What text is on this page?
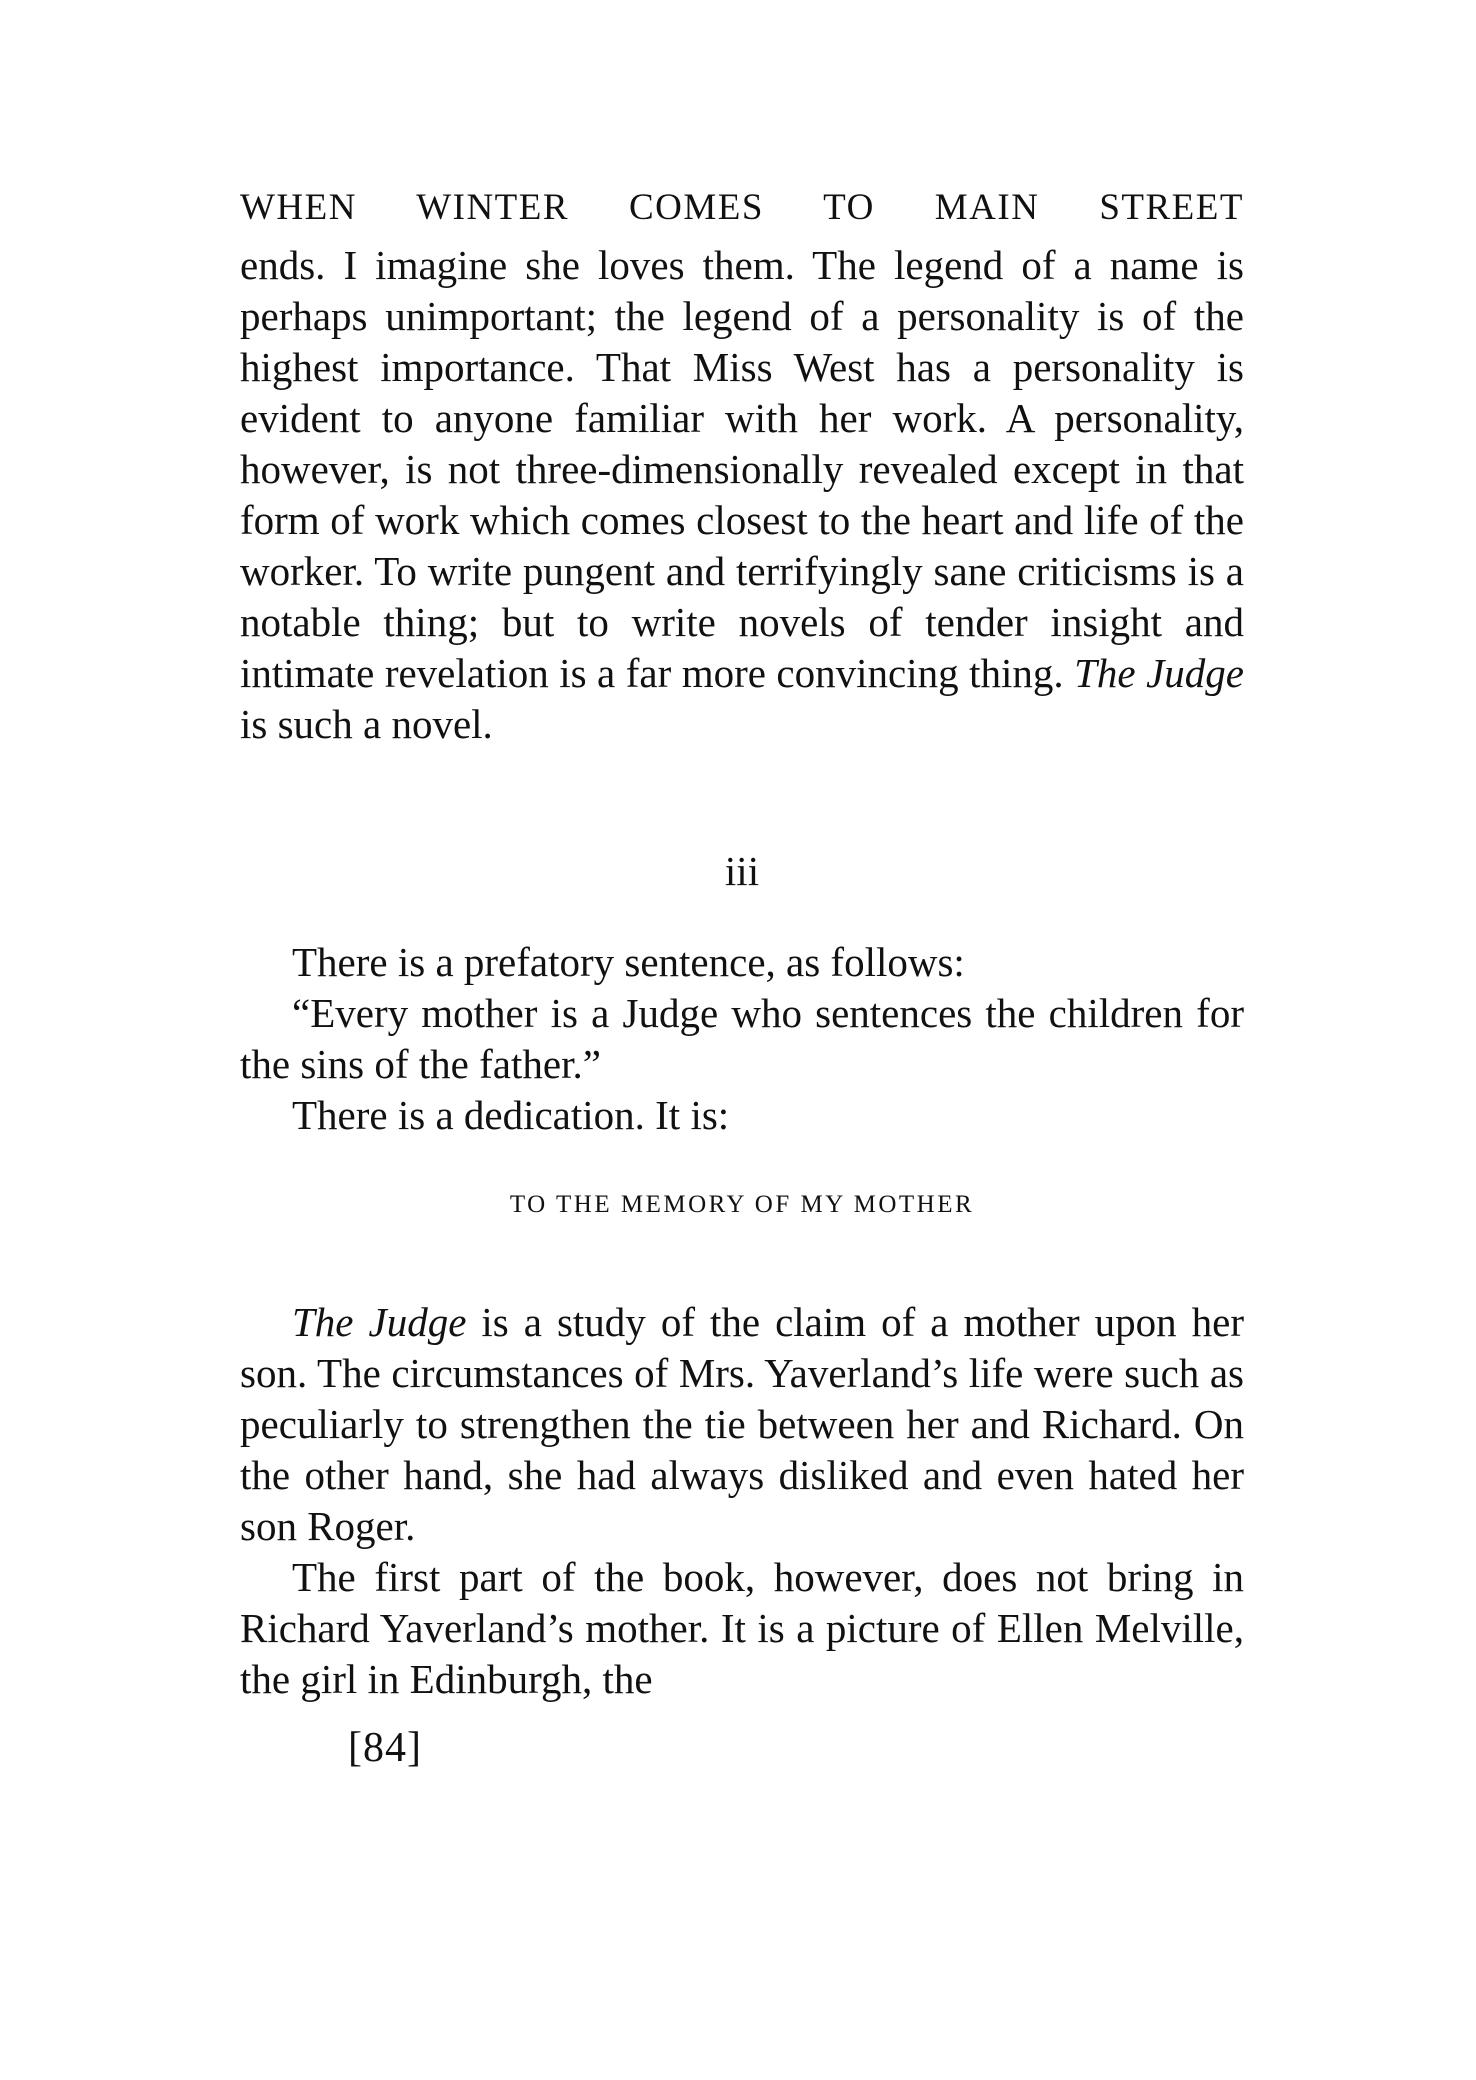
WHEN WINTER COMES TO MAIN STREET

ends. I imagine she loves them. The legend of a name is perhaps unimportant; the legend of a personality is of the highest importance. That Miss West has a personality is evident to anyone familiar with her work. A personality, however, is not three-dimensionally revealed except in that form of work which comes closest to the heart and life of the worker. To write pungent and terrifyingly sane criticisms is a notable thing; but to write novels of tender insight and intimate revelation is a far more convincing thing. The Judge is such a novel.

iii

There is a prefatory sentence, as follows:

“Every mother is a Judge who sentences the children for the sins of the father.”

There is a dedication. It is:

TO THE MEMORY OF MY MOTHER

The Judge is a study of the claim of a mother upon her son. The circumstances of Mrs. Yaverland’s life were such as peculiarly to strengthen the tie between her and Richard. On the other hand, she had always disliked and even hated her son Roger.

The first part of the book, however, does not bring in Richard Yaverland’s mother. It is a picture of Ellen Melville, the girl in Edinburgh, the

[84]
